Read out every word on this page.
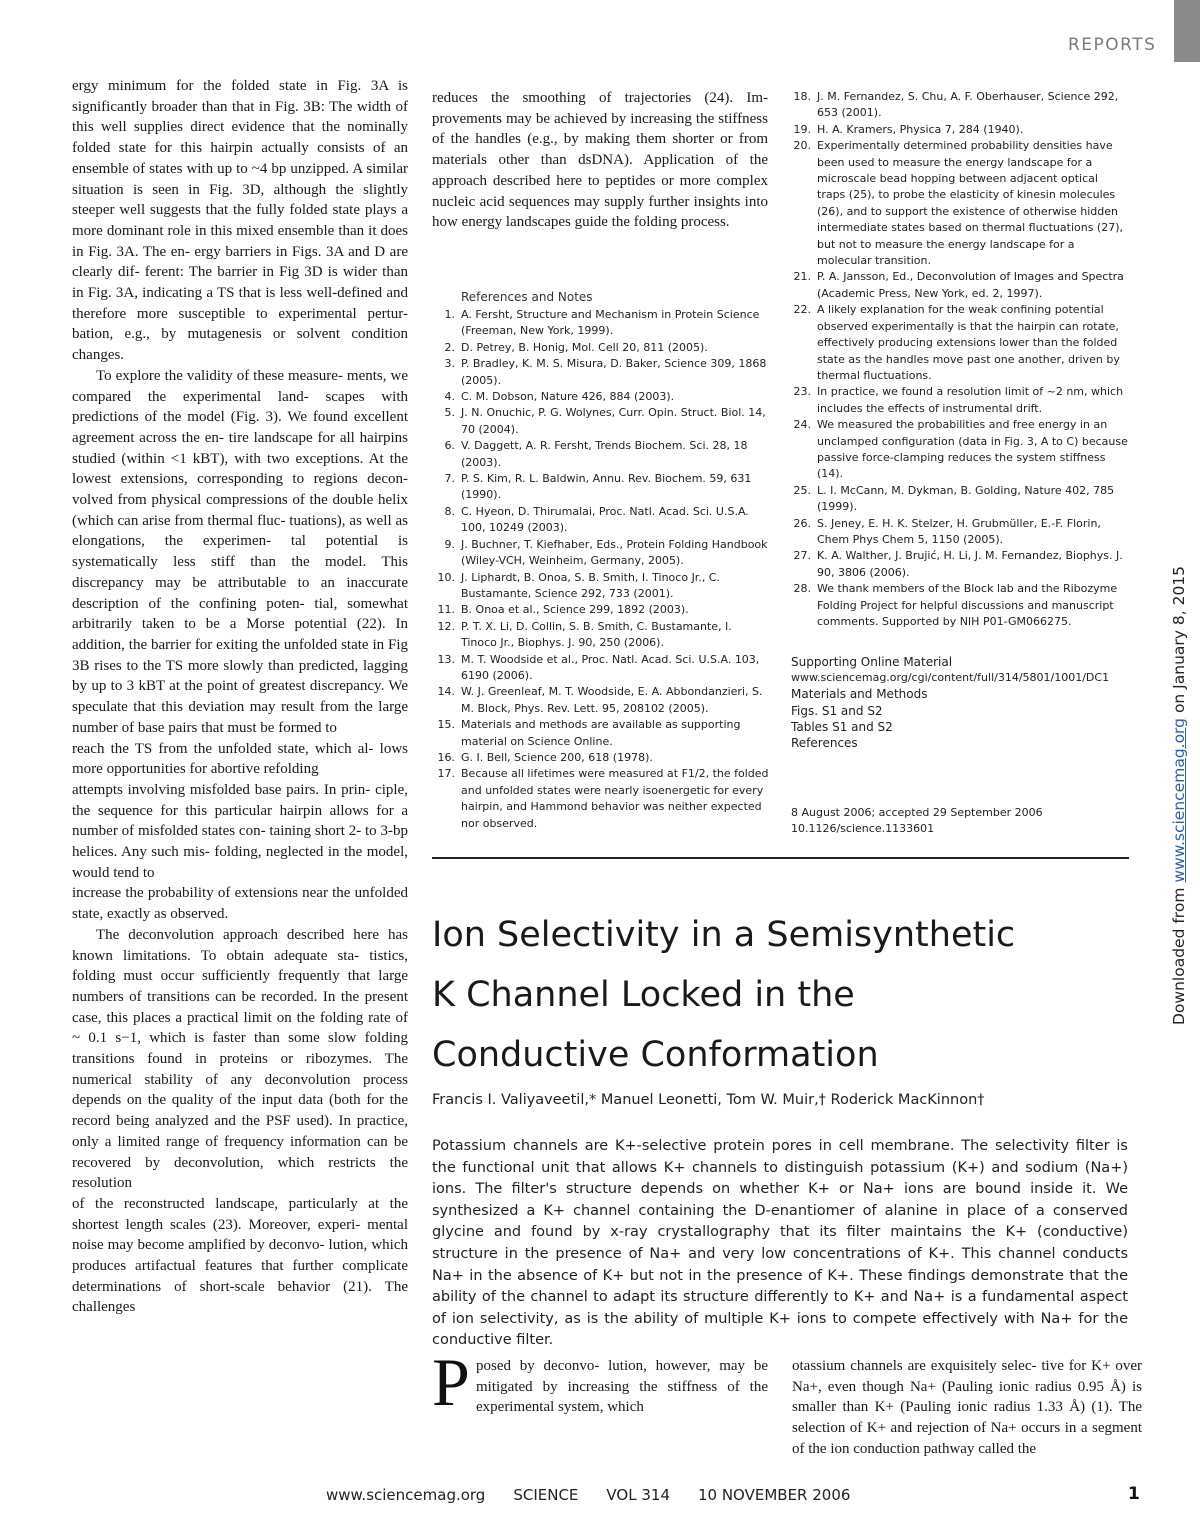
REPORTS
Downloaded from www.sciencemag.org on January 8, 2015

ergy minimum for the folded state in Fig. 3A is significantly broader than that in Fig. 3B: The width of this well supplies direct evidence that the nominally folded state for this hairpin actually consists of an ensemble of states with up to ~4 bp unzipped. A similar situation is seen in Fig. 3D, although the slightly steeper well suggests that the fully folded state plays a more dominant role in this mixed ensemble than it does in Fig. 3A. The en- ergy barriers in Figs. 3A and D are clearly dif- ferent: The barrier in Fig 3D is wider than in Fig. 3A, indicating a TS that is less well-defined and therefore more susceptible to experimental pertur- bation, e.g., by mutagenesis or solvent condition changes.

To explore the validity of these measure- ments, we compared the experimental land- scapes with predictions of the model (Fig. 3). We found excellent agreement across the en- tire landscape for all hairpins studied (within <1 kBT), with two exceptions. At the lowest extensions, corresponding to regions decon- volved from physical compressions of the double helix (which can arise from thermal fluc- tuations), as well as elongations, the experimen- tal potential is systematically less stiff than the model. This discrepancy may be attributable to an inaccurate description of the confining poten- tial, somewhat arbitrarily taken to be a Morse potential (22). In addition, the barrier for exiting the unfolded state in Fig 3B rises to the TS more slowly than predicted, lagging by up to 3 kBT at the point of greatest discrepancy. We speculate that this deviation may result from the large number of base pairs that must be formed to

reach the TS from the unfolded state, which al- lows more opportunities for abortive refolding

attempts involving misfolded base pairs. In prin- ciple, the sequence for this particular hairpin allows for a number of misfolded states con- taining short 2- to 3-bp helices. Any such mis- folding, neglected in the model, would tend to

increase the probability of extensions near the unfolded state, exactly as observed.

The deconvolution approach described here has known limitations. To obtain adequate sta- tistics, folding must occur sufficiently frequently that large numbers of transitions can be recorded. In the present case, this places a practical limit on the folding rate of ~ 0.1 s−1, which is faster than some slow folding transitions found in proteins or ribozymes. The numerical stability of any deconvolution process depends on the quality of the input data (both for the record being analyzed and the PSF used). In practice, only a limited range of frequency information can be recovered by deconvolution, which restricts the resolution

of the reconstructed landscape, particularly at the shortest length scales (23). Moreover, experi- mental noise may become amplified by deconvo- lution, which produces artifactual features that further complicate determinations of short-scale behavior (21). The challenges

reduces the smoothing of trajectories (24). Im- provements may be achieved by increasing the stiffness of the handles (e.g., by making them shorter or from materials other than dsDNA). Application of the approach described here to peptides or more complex nucleic acid sequences may supply further insights into how energy landscapes guide the folding process.

References and Notes
1. A. Fersht, Structure and Mechanism in Protein Science (Freeman, New York, 1999).
2. D. Petrey, B. Honig, Mol. Cell 20, 811 (2005).
3. P. Bradley, K. M. S. Misura, D. Baker, Science 309, 1868 (2005).
4. C. M. Dobson, Nature 426, 884 (2003).
5. J. N. Onuchic, P. G. Wolynes, Curr. Opin. Struct. Biol. 14, 70 (2004).
6. V. Daggett, A. R. Fersht, Trends Biochem. Sci. 28, 18 (2003).
7. P. S. Kim, R. L. Baldwin, Annu. Rev. Biochem. 59, 631 (1990).
8. C. Hyeon, D. Thirumalai, Proc. Natl. Acad. Sci. U.S.A. 100, 10249 (2003).
9. J. Buchner, T. Kiefhaber, Eds., Protein Folding Handbook (Wiley-VCH, Weinheim, Germany, 2005).
10. J. Liphardt, B. Onoa, S. B. Smith, I. Tinoco Jr., C. Bustamante, Science 292, 733 (2001).
11. B. Onoa et al., Science 299, 1892 (2003).
12. P. T. X. Li, D. Collin, S. B. Smith, C. Bustamante, I. Tinoco Jr., Biophys. J. 90, 250 (2006).
13. M. T. Woodside et al., Proc. Natl. Acad. Sci. U.S.A. 103, 6190 (2006).
14. W. J. Greenleaf, M. T. Woodside, E. A. Abbondanzieri, S. M. Block, Phys. Rev. Lett. 95, 208102 (2005).
15. Materials and methods are available as supporting material on Science Online.
16. G. I. Bell, Science 200, 618 (1978).
17. Because all lifetimes were measured at F1/2, the folded and unfolded states were nearly isoenergetic for every hairpin, and Hammond behavior was neither expected nor observed.
18. J. M. Fernandez, S. Chu, A. F. Oberhauser, Science 292, 653 (2001).
19. H. A. Kramers, Physica 7, 284 (1940).
20. Experimentally determined probability densities have been used to measure the energy landscape for a microscale bead hopping between adjacent optical traps (25), to probe the elasticity of kinesin molecules (26), and to support the existence of otherwise hidden intermediate states based on thermal fluctuations (27), but not to measure the energy landscape for a molecular transition.
21. P. A. Jansson, Ed., Deconvolution of Images and Spectra (Academic Press, New York, ed. 2, 1997).
22. A likely explanation for the weak confining potential observed experimentally is that the hairpin can rotate, effectively producing extensions lower than the folded state as the handles move past one another, driven by thermal fluctuations.
23. In practice, we found a resolution limit of ~2 nm, which includes the effects of instrumental drift.
24. We measured the probabilities and free energy in an unclamped configuration (data in Fig. 3, A to C) because passive force-clamping reduces the system stiffness (14).
25. L. I. McCann, M. Dykman, B. Golding, Nature 402, 785 (1999).
26. S. Jeney, E. H. K. Stelzer, H. Grubmüller, E.-F. Florin, Chem Phys Chem 5, 1150 (2005).
27. K. A. Walther, J. Brujić, H. Li, J. M. Fernandez, Biophys. J. 90, 3806 (2006).
28. We thank members of the Block lab and the Ribozyme Folding Project for helpful discussions and manuscript comments. Supported by NIH P01-GM066275.
Supporting Online Material
www.sciencemag.org/cgi/content/full/314/5801/1001/DC1
Materials and Methods
Figs. S1 and S2
Tables S1 and S2
References
8 August 2006; accepted 29 September 2006
10.1126/science.1133601
Ion Selectivity in a Semisynthetic
K Channel Locked in the
Conductive Conformation
Francis I. Valiyaveetil,* Manuel Leonetti, Tom W. Muir,† Roderick MacKinnon†

Potassium channels are K+-selective protein pores in cell membrane. The selectivity filter is the functional unit that allows K+ channels to distinguish potassium (K+) and sodium (Na+) ions. The filter's structure depends on whether K+ or Na+ ions are bound inside it. We synthesized a K+ channel containing the D-enantiomer of alanine in place of a conserved glycine and found by x-ray crystallography that its filter maintains the K+ (conductive) structure in the presence of Na+ and very low concentrations of K+. This channel conducts Na+ in the absence of K+ but not in the presence of K+. These findings demonstrate that the ability of the channel to adapt its structure differently to K+ and Na+ is a fundamental aspect of ion selectivity, as is the ability of multiple K+ ions to compete effectively with Na+ for the conductive filter.

P posed by deconvo- lution, however, may be mitigated by increasing the stiffness of the experimental system, which

otassium channels are exquisitely selec- tive for K+ over Na+, even though Na+ (Pauling ionic radius 0.95 Å) is smaller than K+ (Pauling ionic radius 1.33 Å) (1). The selection of K+ and rejection of Na+ occurs in a segment of the ion conduction pathway called the

www.sciencemag.org SCIENCE VOL 314 10 NOVEMBER 2006	1
